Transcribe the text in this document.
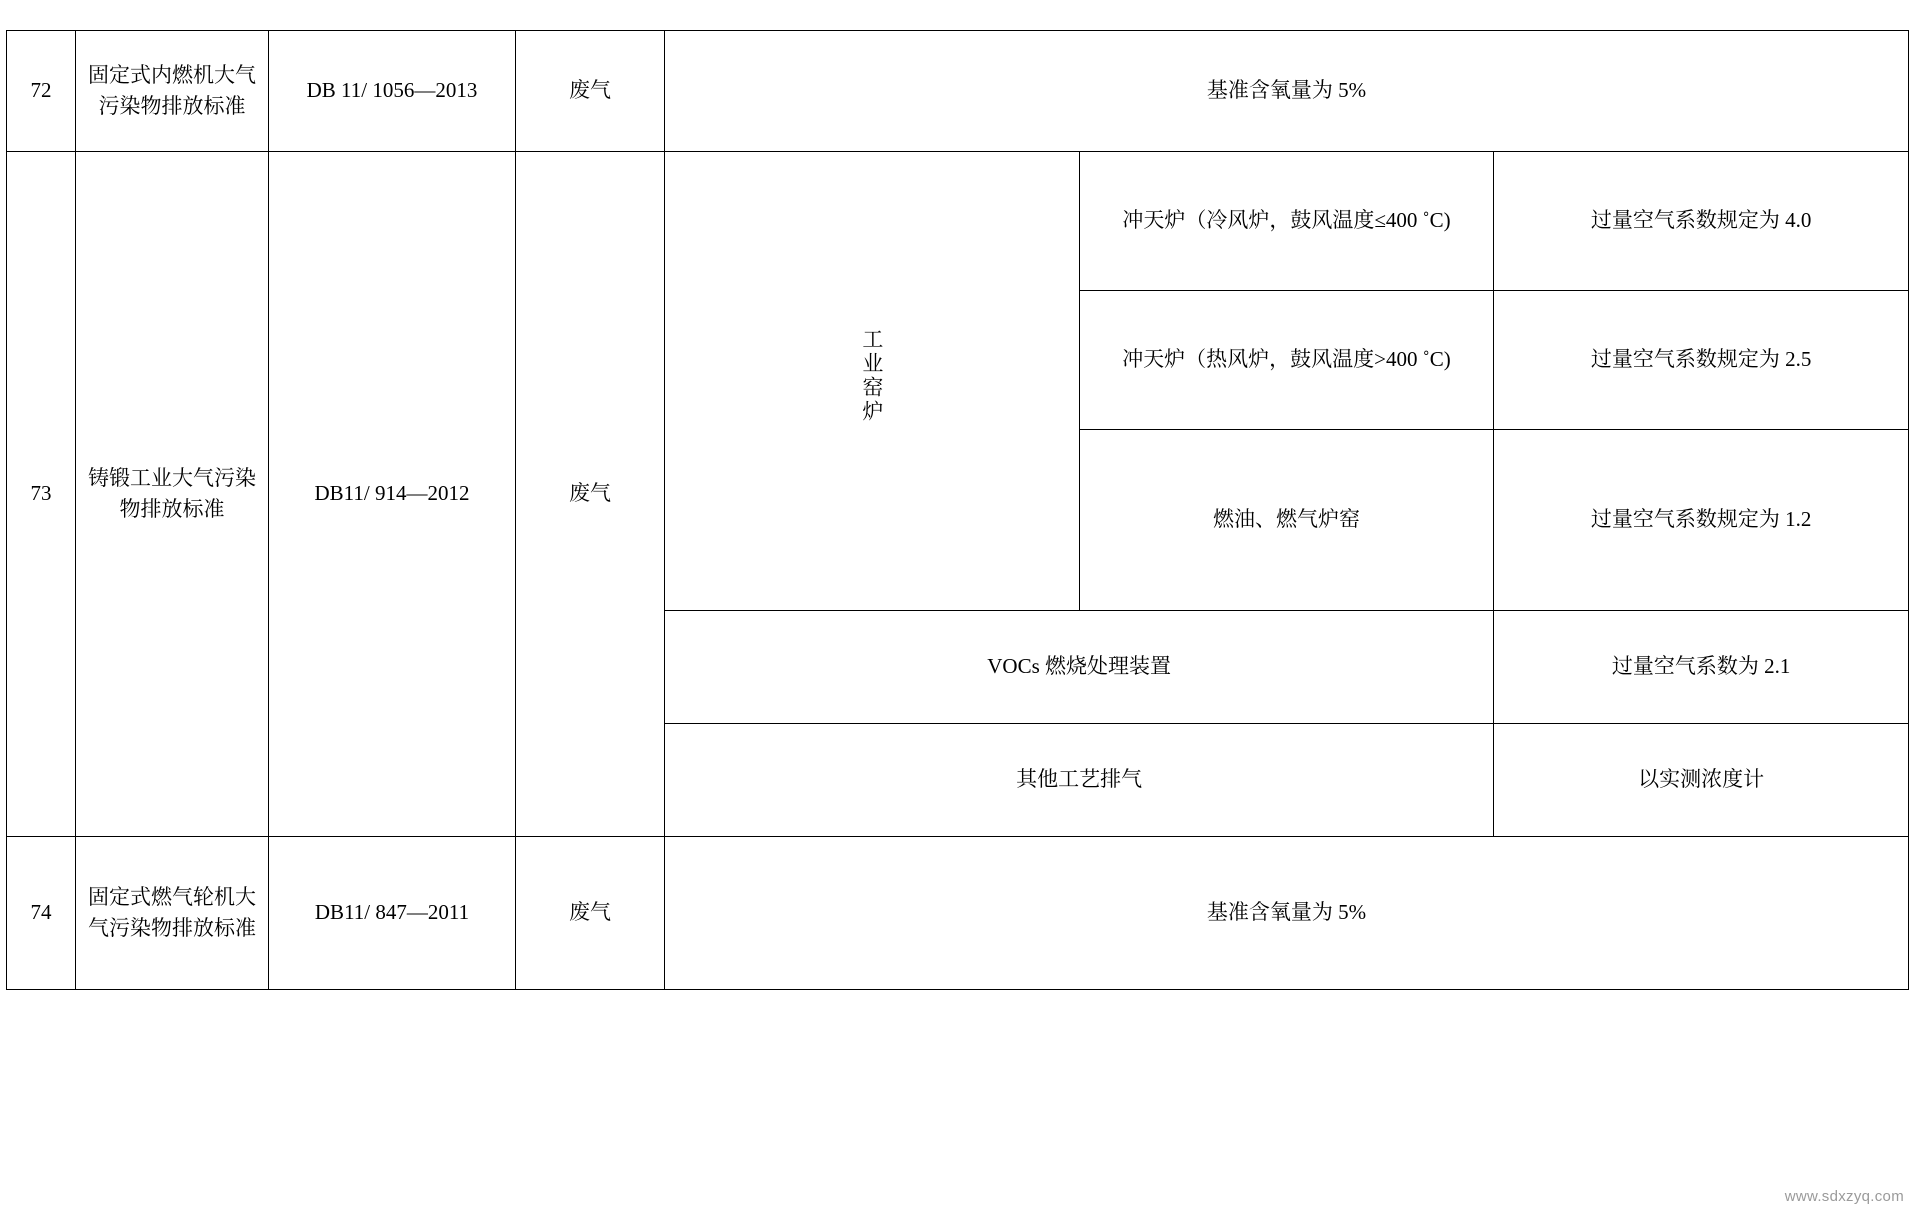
72	固定式内燃机大气污染物排放标准	DB 11/ 1056—2013	废气	基准含氧量为 5%		
73	铸锻工业大气污染物排放标准	DB11/ 914—2012	废气	工业窑炉	冲天炉（冷风炉，鼓风温度≤400 ˚C)	过量空气系数规定为 4.0
					冲天炉（热风炉，鼓风温度>400 ˚C)	过量空气系数规定为 2.5
					燃油、燃气炉窑	过量空气系数规定为 1.2
				VOCs 燃烧处理装置		过量空气系数为 2.1
				其他工艺排气		以实测浓度计
74	固定式燃气轮机大气污染物排放标准	DB11/ 847—2011	废气	基准含氧量为 5%		
www.sdxzyq.com
